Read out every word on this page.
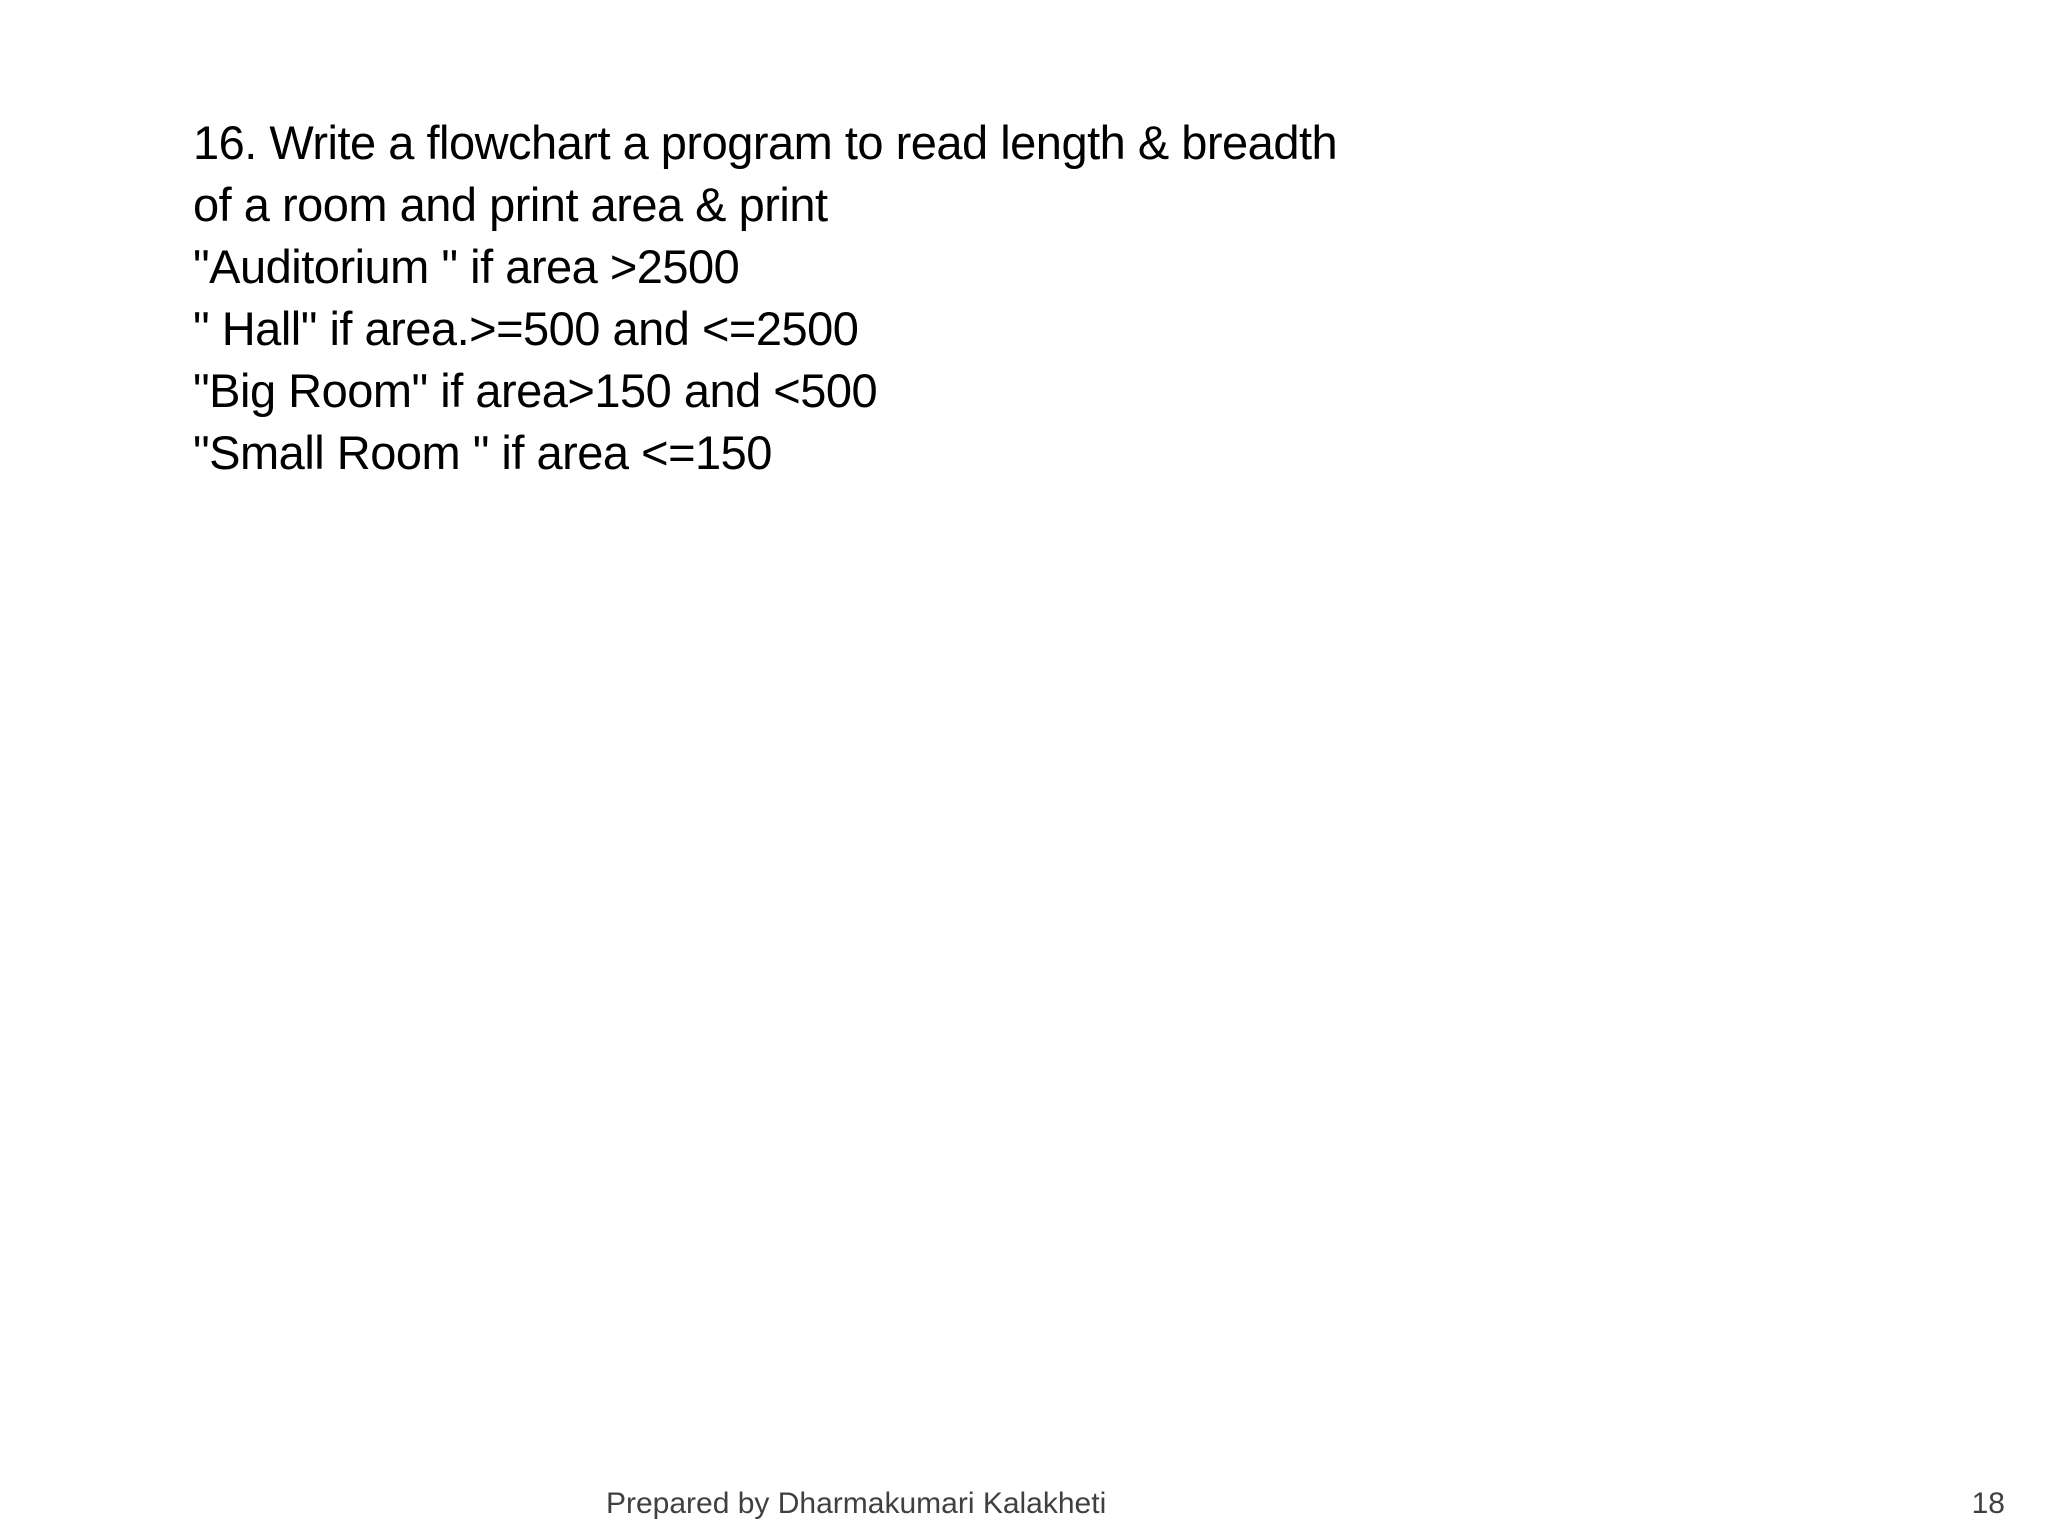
16. Write a flowchart a program to read length & breadth
of a room and print area & print
"Auditorium " if area >2500
" Hall" if area.>=500 and <=2500
"Big Room" if area>150 and <500
"Small Room " if area <=150
Prepared by Dharmakumari Kalakheti	18
